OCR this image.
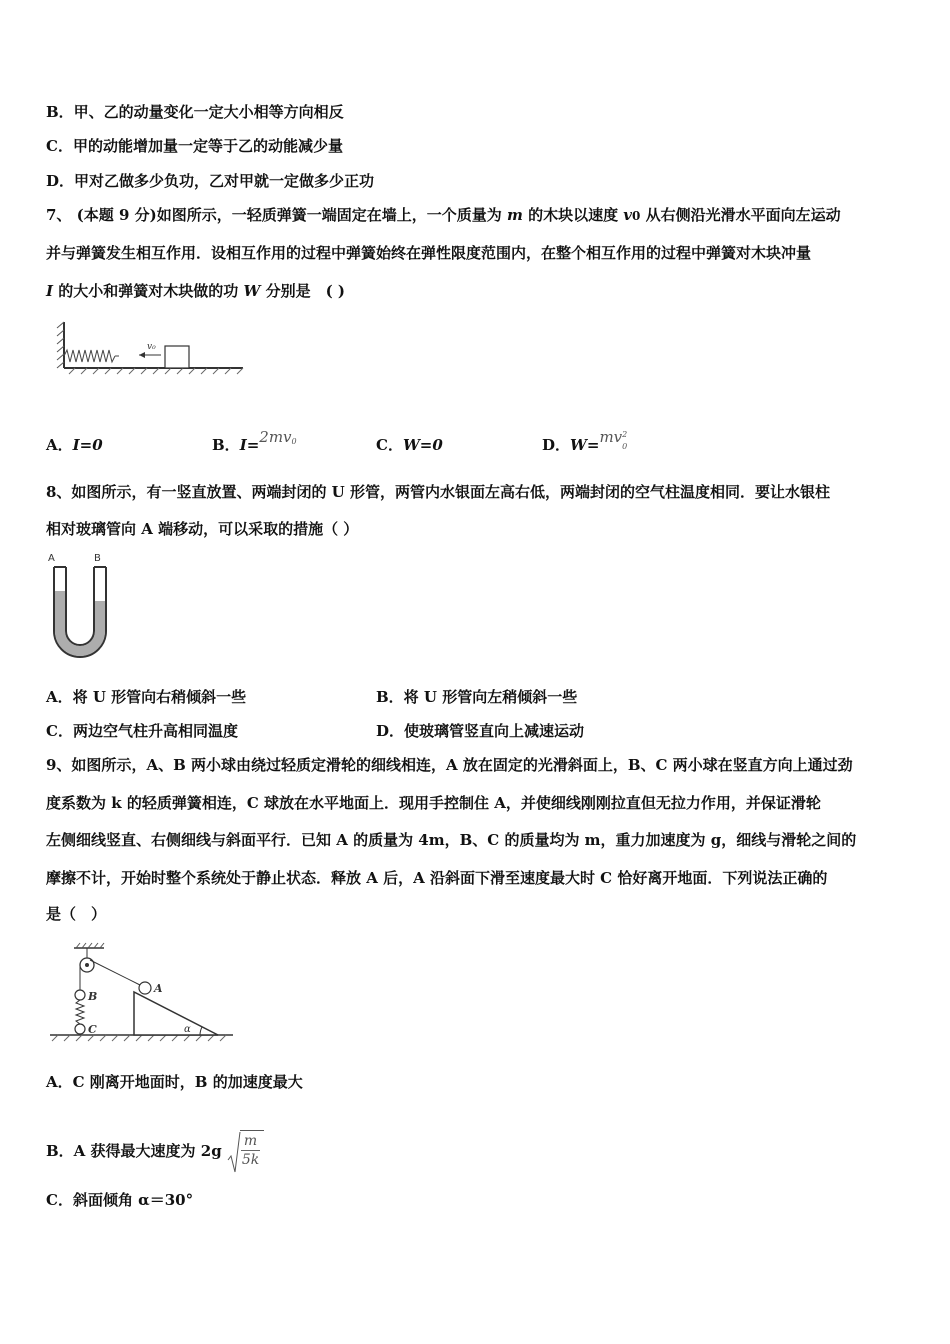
B．甲、乙的动量变化一定大小相等方向相反
C．甲的动能增加量一定等于乙的动能减少量
D．甲对乙做多少负功，乙对甲就一定做多少正功
7、 (本题 9 分)如图所示，一轻质弹簧一端固定在墙上，一个质量为 m 的木块以速度 v0 从右侧沿光滑水平面向左运动
并与弹簧发生相互作用．设相互作用的过程中弹簧始终在弹性限度范围内，在整个相互作用的过程中弹簧对木块冲量
I 的大小和弹簧对木块做的功 W 分别是　( )
v₀
A．I=0	B．$I=2mv^0$	C．W=0	D．W=mv 2
0
8、如图所示，有一竖直放置、两端封闭的 U 形管，两管内水银面左高右低，两端封闭的空气柱温度相同．要让水银柱
相对玻璃管向 A 端移动，可以采取的措施（ ）
A	B
A．将 U 形管向右稍倾斜一些	B．将 U 形管向左稍倾斜一些
C．两边空气柱升高相同温度	D．使玻璃管竖直向上减速运动
9、如图所示，A、B 两小球由绕过轻质定滑轮的细线相连，A 放在固定的光滑斜面上，B、C 两小球在竖直方向上通过劲
度系数为 k 的轻质弹簧相连，C 球放在水平地面上．现用手控制住 A，并使细线刚刚拉直但无拉力作用，并保证滑轮
左侧细线竖直、右侧细线与斜面平行．已知 A 的质量为 4m，B、C 的质量均为 m，重力加速度为 g，细线与滑轮之间的
摩擦不计，开始时整个系统处于静止状态．释放 A 后，A 沿斜面下滑至速度最大时 C 恰好离开地面．下列说法正确的
是（　）
B
C
A
α
A．C 刚离开地面时，B 的加速度最大
B．A 获得最大速度为 $2g \frac{m}{5k}$
C．斜面倾角 α＝30°
